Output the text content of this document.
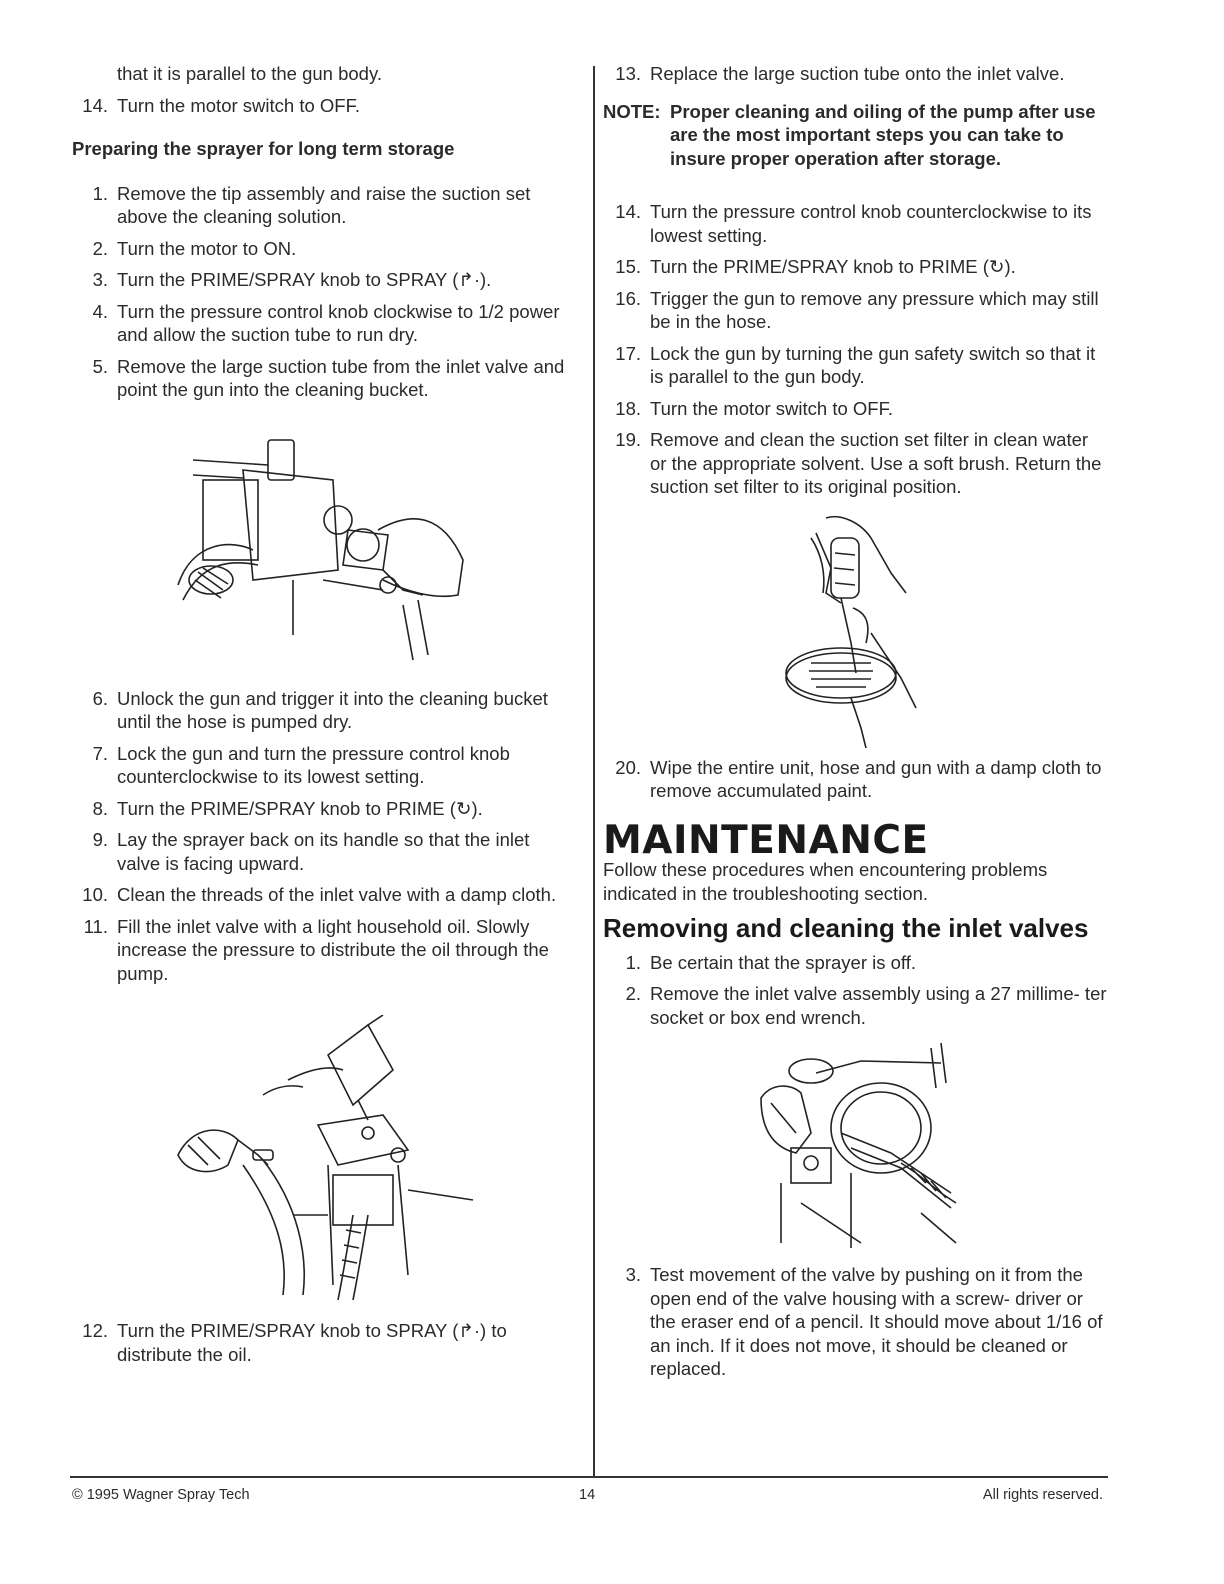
that it is parallel to the gun body.
14. Turn the motor switch to OFF.
Preparing the sprayer for long term storage
1. Remove the tip assembly and raise the suction set above the cleaning solution.
2. Turn the motor to ON.
3. Turn the PRIME/SPRAY knob to SPRAY (↱·).
4. Turn the pressure control knob clockwise to 1/2 power and allow the suction tube to run dry.
5. Remove the large suction tube from the inlet valve and point the gun into the cleaning bucket.
6. Unlock the gun and trigger it into the cleaning bucket until the hose is pumped dry.
7. Lock the gun and turn the pressure control knob counterclockwise to its lowest setting.
8. Turn the PRIME/SPRAY knob to PRIME (↻).
9. Lay the sprayer back on its handle so that the inlet valve is facing upward.
10. Clean the threads of the inlet valve with a damp cloth.
11. Fill the inlet valve with a light household oil. Slowly increase the pressure to distribute the oil through the pump.
12. Turn the PRIME/SPRAY knob to SPRAY (↱·) to distribute the oil.
13. Replace the large suction tube onto the inlet valve.
NOTE: Proper cleaning and oiling of the pump after use are the most important steps you can take to insure proper operation after storage.
14. Turn the pressure control knob counterclockwise to its lowest setting.
15. Turn the PRIME/SPRAY knob to PRIME (↻).
16. Trigger the gun to remove any pressure which may still be in the hose.
17. Lock the gun by turning the gun safety switch so that it is parallel to the gun body.
18. Turn the motor switch to OFF.
19. Remove and clean the suction set filter in clean water or the appropriate solvent. Use a soft brush. Return the suction set filter to its original position.
20. Wipe the entire unit, hose and gun with a damp cloth to remove accumulated paint.
MAINTENANCE
Follow these procedures when encountering problems indicated in the troubleshooting section.
Removing and cleaning the inlet valves
1. Be certain that the sprayer is off.
2. Remove the inlet valve assembly using a 27 millime- ter socket or box end wrench.
3. Test movement of the valve by pushing on it from the open end of the valve housing with a screw- driver or the eraser end of a pencil. It should move about 1/16 of an inch. If it does not move, it should be cleaned or replaced.
© 1995 Wagner Spray Tech	14	All rights reserved.
